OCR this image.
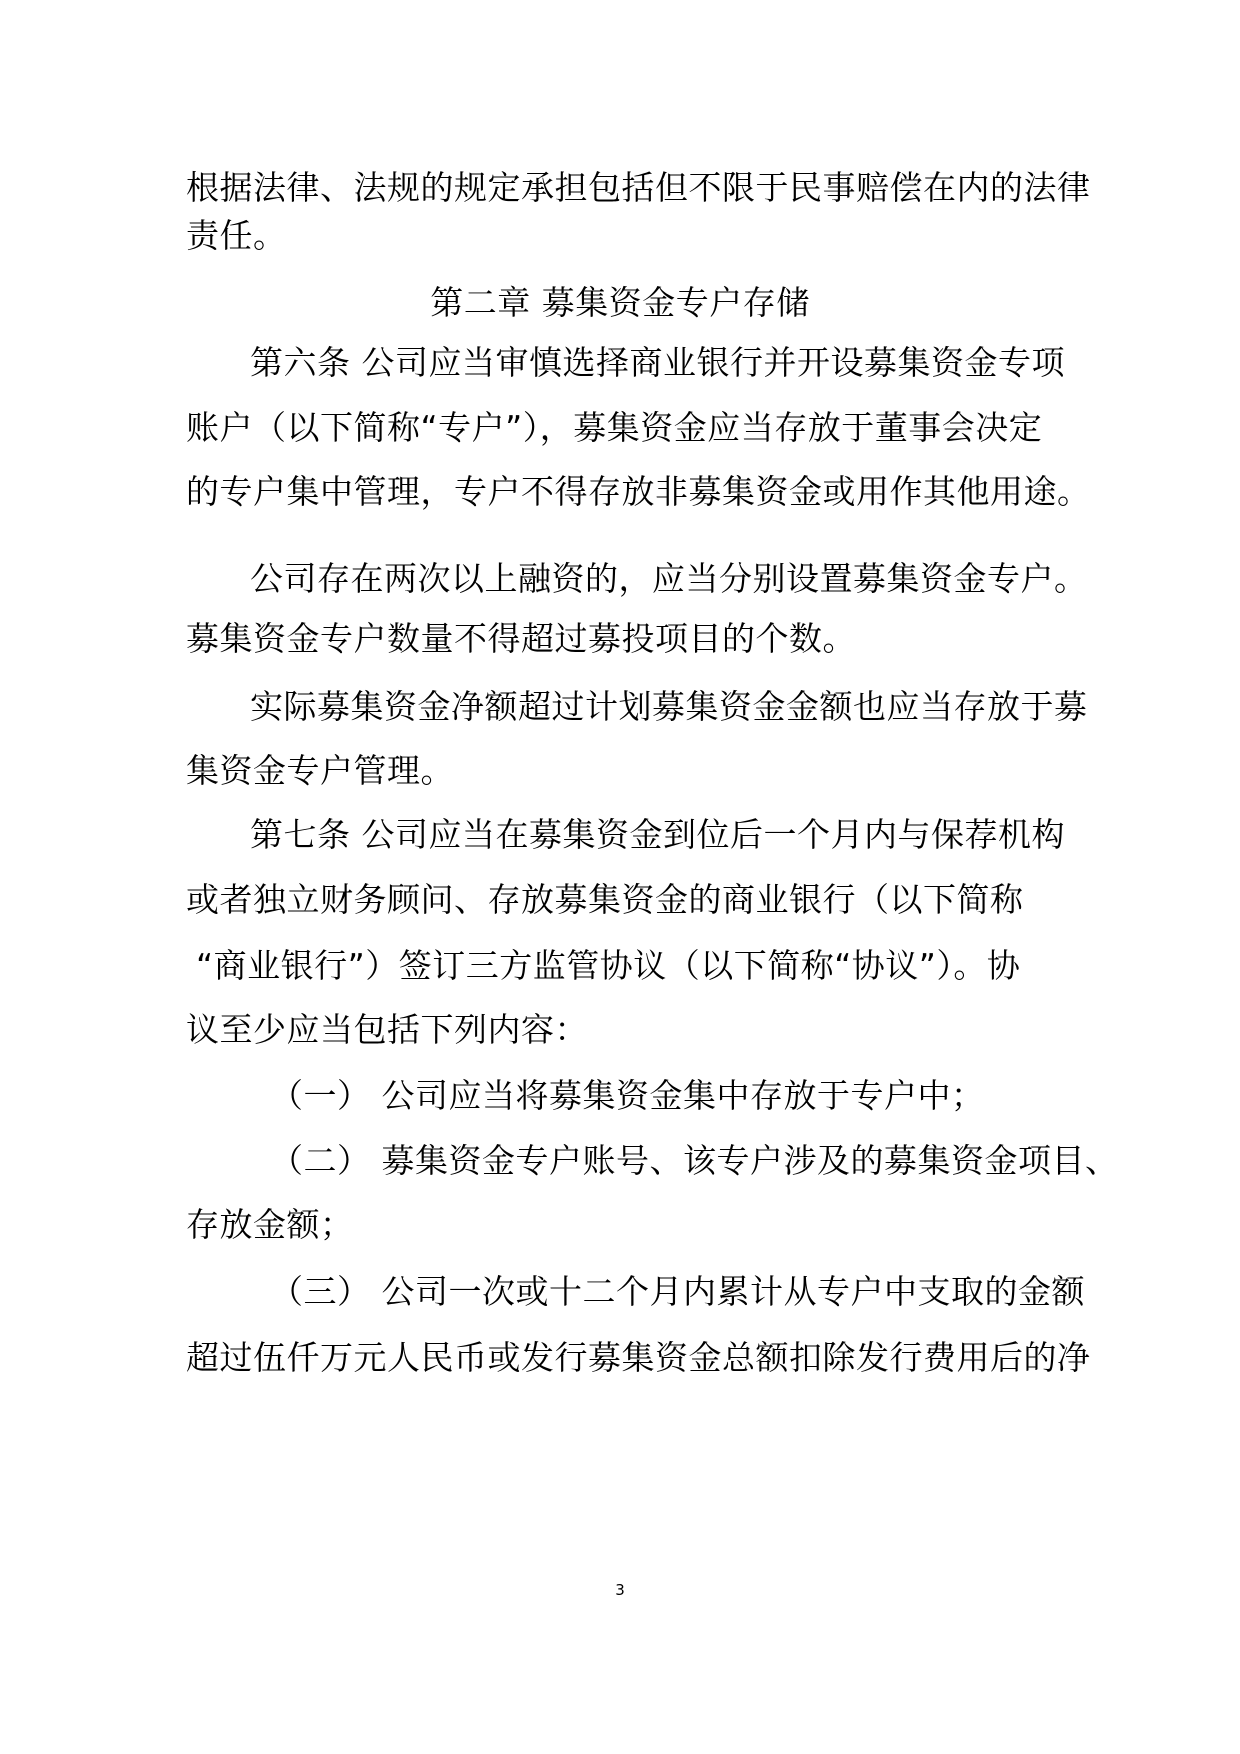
根据法律、法规的规定承担包括但不限于民事赔偿在内的法律
责任。
第二章 募集资金专户存储
第六条 公司应当审慎选择商业银行并开设募集资金专项
账户（以下简称“专户”），募集资金应当存放于董事会决定
的专户集中管理，专户不得存放非募集资金或用作其他用途。
公司存在两次以上融资的，应当分别设置募集资金专户。
募集资金专户数量不得超过募投项目的个数。
实际募集资金净额超过计划募集资金金额也应当存放于募
集资金专户管理。
第七条 公司应当在募集资金到位后一个月内与保荐机构
或者独立财务顾问、存放募集资金的商业银行（以下简称
“商业银行”）签订三方监管协议（以下简称“协议”）。协
议至少应当包括下列内容：
（一） 公司应当将募集资金集中存放于专户中；
（二） 募集资金专户账号、该专户涉及的募集资金项目、
存放金额；
（三） 公司一次或十二个月内累计从专户中支取的金额
超过伍仟万元人民币或发行募集资金总额扣除发行费用后的净
3
